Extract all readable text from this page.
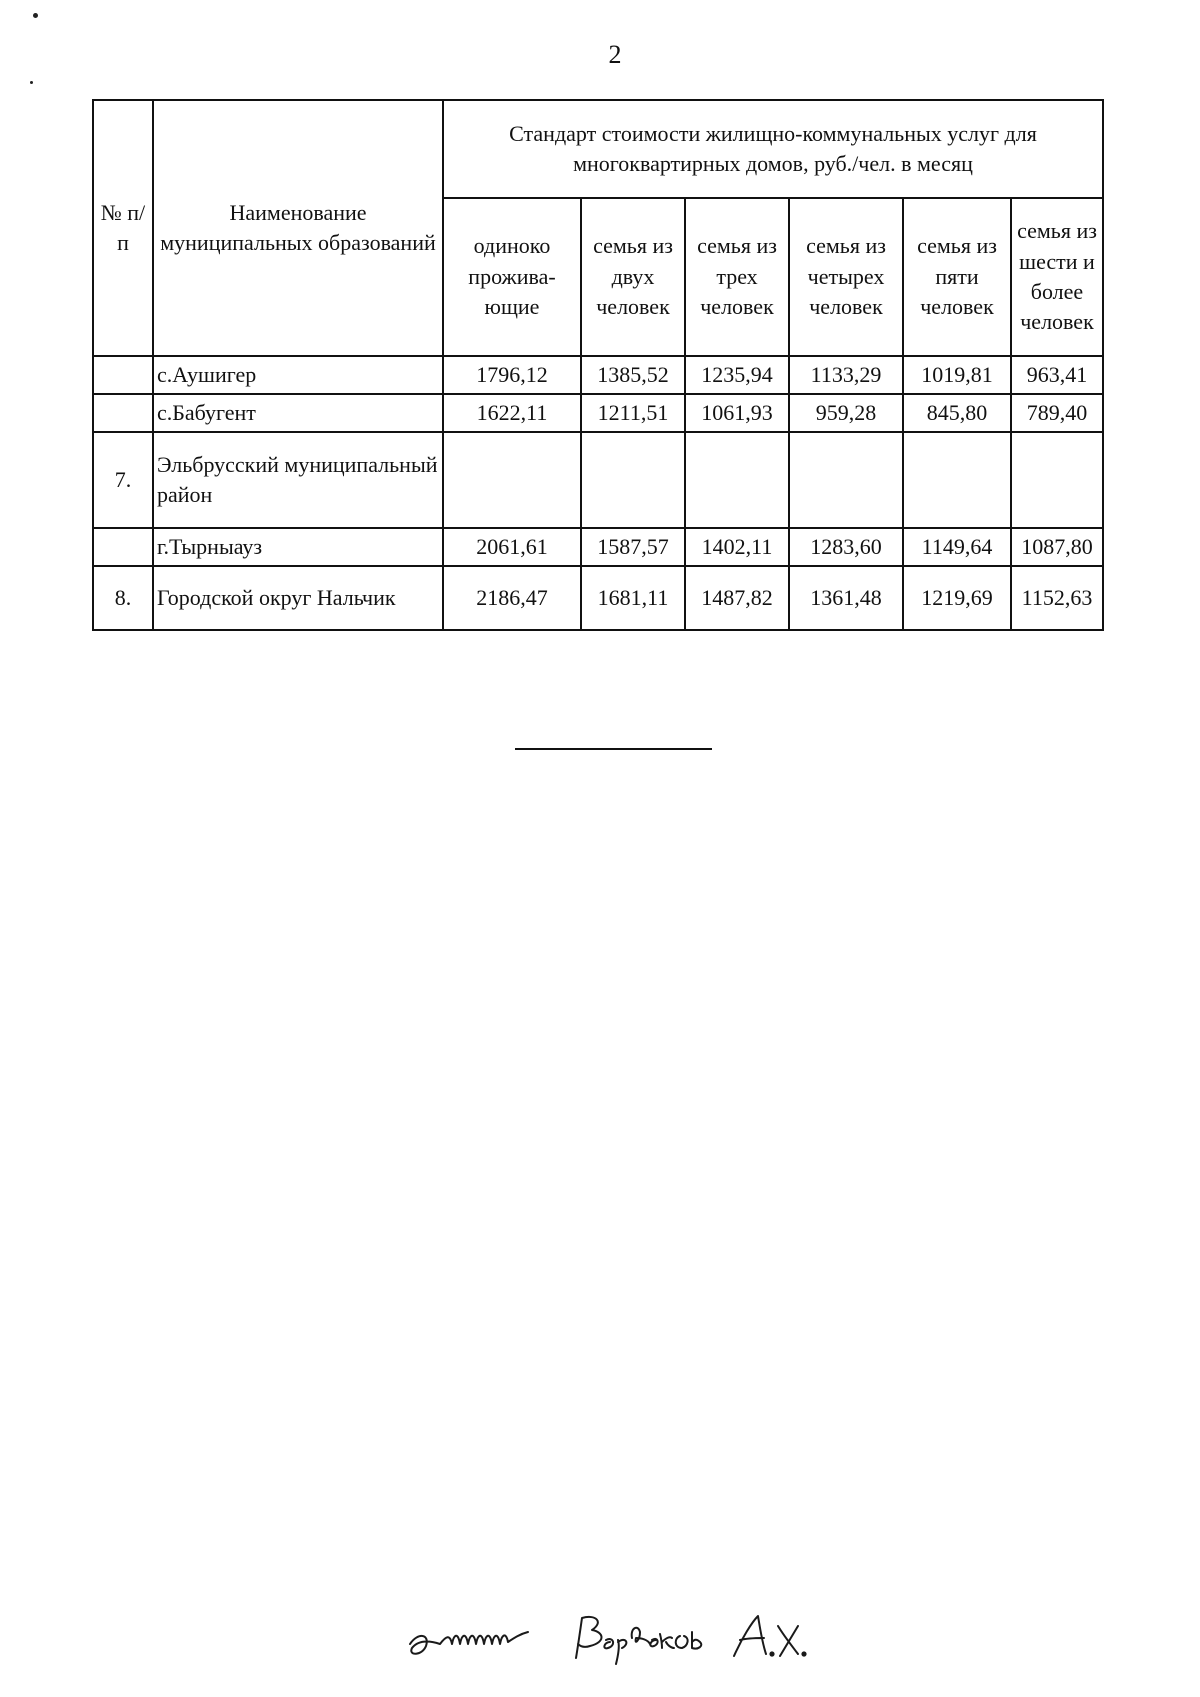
2
№ п/п	Наименование муниципальных образований	Стандарт стоимости жилищно-коммунальных услуг для многоквартирных домов, руб./чел. в месяц					
		одиноко прожива-ющие	семья из двух человек	семья из трех человек	семья из четырех человек	семья из пяти человек	семья из шести и более человек
	с.Аушигер	1796,12	1385,52	1235,94	1133,29	1019,81	963,41
	с.Бабугент	1622,11	1211,51	1061,93	959,28	845,80	789,40
7.	Эльбрусский муниципальный район						
	г.Тырныауз	2061,61	1587,57	1402,11	1283,60	1149,64	1087,80
8.	Городской округ Нальчик	2186,47	1681,11	1487,82	1361,48	1219,69	1152,63
